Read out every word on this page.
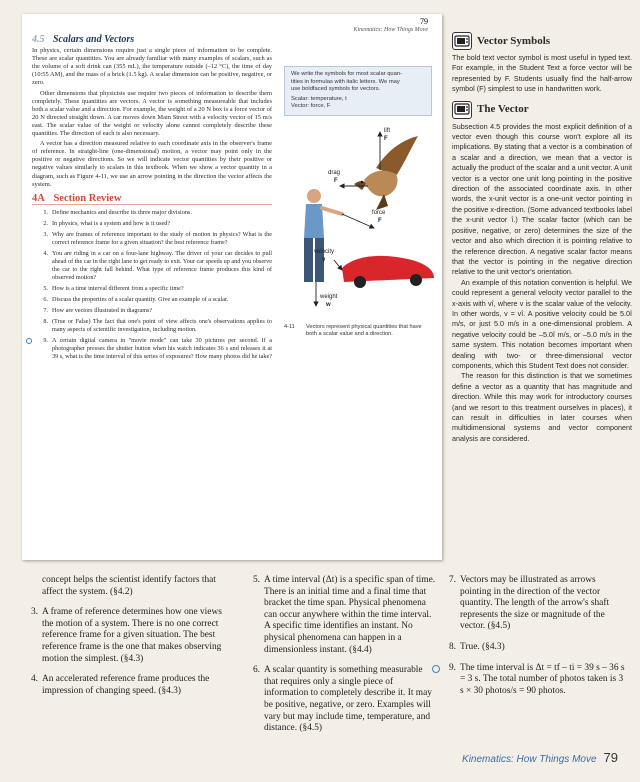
79
Kinematics: How Things Move
4.5 Scalars and Vectors

In physics, certain dimensions require just a single piece of information to be complete. These are scalar quantities. You are already familiar with many examples of scalars, such as the volume of a soft drink can (355 mL), the temperature outside (–12 °C), the time of day (10:55 AM), and the mass of a brick (1.5 kg). A scalar dimension can be positive, negative, or zero.

Other dimensions that physicists use require two pieces of information to describe them completely. These quantities are vectors. A vector is something measureable that includes both a scalar value and a direction. For example, the weight of a 20 N box is a force vector of 20 N directed straight down. A car moves down Main Street with a velocity vector of 15 m/s east. The scalar value of the weight or velocity alone cannot completely describe these quantities. The direction of each is also necessary.

A vector has a direction measured relative to each coordinate axis in the observer's frame of reference. In straight-line (one-dimensional) motion, a vector may point only in the positive or negative directions. So we will indicate vector quantities by their positive or negative values similarly to scalars in this textbook. When we show a vector quantity in a diagram, such as Figure 4-11, we use an arrow pointing in the direction the vector affects the system.

4A Section Review
1. Define mechanics and describe its three major divisions.
2. In physics, what is a system and how is it used?
3. Why are frames of reference important to the study of motion in physics? What is the correct reference frame for a given situation? the best reference frame?
4. You are riding in a car on a four-lane highway. The driver of your car decides to pull ahead of the car in the right lane to get ready to exit. Your car speeds up and you observe the car to the right fall behind. What type of reference frame produces this kind of observed motion?
5. How is a time interval different from a specific time?
6. Discuss the properties of a scalar quantity. Give an example of a scalar.
7. How are vectors illustrated in diagrams?
8. (True or False) The fact that one's point of view affects one's observations applies to many aspects of scientific investigation, including motion.
9. A certain digital camera in "movie mode" can take 30 pictures per second. If a photographer presses the shutter button when his watch indicates 36 s and releases it at 39 s, what is the time interval of this series of exposures? How many photos did he take?
We write the symbols for most scalar quan-
tities in formulas with italic letters. We may
use boldfaced symbols for vectors.
Scalar: temperature, t
Vector: force, F
lift
F
drag
F
force
F
velocity
v
weight
w
4-11	Vectors represent physical quantities that have both a scalar value and a direction.
Vector Symbols

The bold text vector symbol is most useful in typed text. For example, in the Student Text a force vector will be represented by F. Students usually find the half-arrow symbol (F) simplest to use in handwritten work.

The Vector

Subsection 4.5 provides the most explicit definition of a vector even though this course won't explore all its implications. By stating that a vector is a combination of a scalar and a direction, we mean that a vector is actually the product of the scalar and a unit vector. A unit vector is a vector one unit long pointing in the positive direction of the associated coordinate axis. In other words, the x-unit vector is a one-unit vector pointing in the positive x-direction. (Some advanced textbooks label the x-unit vector î.) The scalar factor (which can be positive, negative, or zero) determines the size of the vector and also which direction it is pointing relative to the reference direction. A negative scalar factor means that the vector is pointing in the negative direction relative to the unit vector's orientation.

An example of this notation convention is helpful. We could represent a general velocity vector parallel to the x-axis with vî, where v is the scalar value of the velocity. In other words, v = vî. A positive velocity could be 5.0î m/s, or just 5.0 m/s in a one-dimensional problem. A negative velocity could be –5.0î m/s, or –5.0 m/s in the same system. This notation becomes important when dealing with two- or three-dimensional vector components, which this Student Text does not consider.

The reason for this distinction is that we sometimes define a vector as a quantity that has magnitude and direction. While this may work for introductory courses (and we resort to this treatment ourselves in places), it can result in difficulties in later courses when multidimensional systems and vector component analysis are considered.

concept helps the scientist identify factors that affect the system. (§4.2)
3. A frame of reference determines how one views the motion of a system. There is no one correct reference frame for a given situation. The best reference frame is the one that makes observing motion the simplest. (§4.3)
4. An accelerated reference frame produces the impression of changing speed. (§4.3)
5. A time interval (Δt) is a specific span of time. There is an initial time and a final time that bracket the time span. Physical phenomena can occur anywhere within the time interval. A specific time identifies an instant. No physical phenomena can happen in a dimensionless instant. (§4.4)
6. A scalar quantity is something measurable that requires only a single piece of information to completely describe it. It may be positive, negative, or zero. Examples will vary but may include time, temperature, and distance. (§4.5)
7. Vectors may be illustrated as arrows pointing in the direction of the vector quantity. The length of the arrow's shaft represents the size or magnitude of the vector. (§4.5)
8. True. (§4.3)
9. The time interval is Δt = tf – ti = 39 s – 36 s = 3 s. The total number of photos taken is 3 s × 30 photos/s = 90 photos.
Kinematics: How Things Move 79
